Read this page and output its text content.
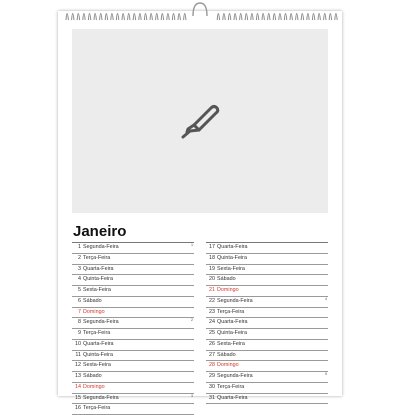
Janeiro
1 Segunda-Feira	1
2 Terça-Feira
3 Quarta-Feira
4 Quinta-Feira
5 Sexta-Feira
6 Sábado
7 Domingo
8 Segunda-Feira	2
9 Terça-Feira
10 Quarta-Feira
11 Quinta-Feira
12 Sexta-Feira
13 Sábado
14 Domingo
15 Segunda-Feira	3
16 Terça-Feira
17 Quarta-Feira
18 Quinta-Feira
19 Sexta-Feira
20 Sábado
21 Domingo
22 Segunda-Feira	4
23 Terça-Feira
24 Quarta-Feira
25 Quinta-Feira
26 Sexta-Feira
27 Sábado
28 Domingo
29 Segunda-Feira	5
30 Terça-Feira
31 Quarta-Feira
